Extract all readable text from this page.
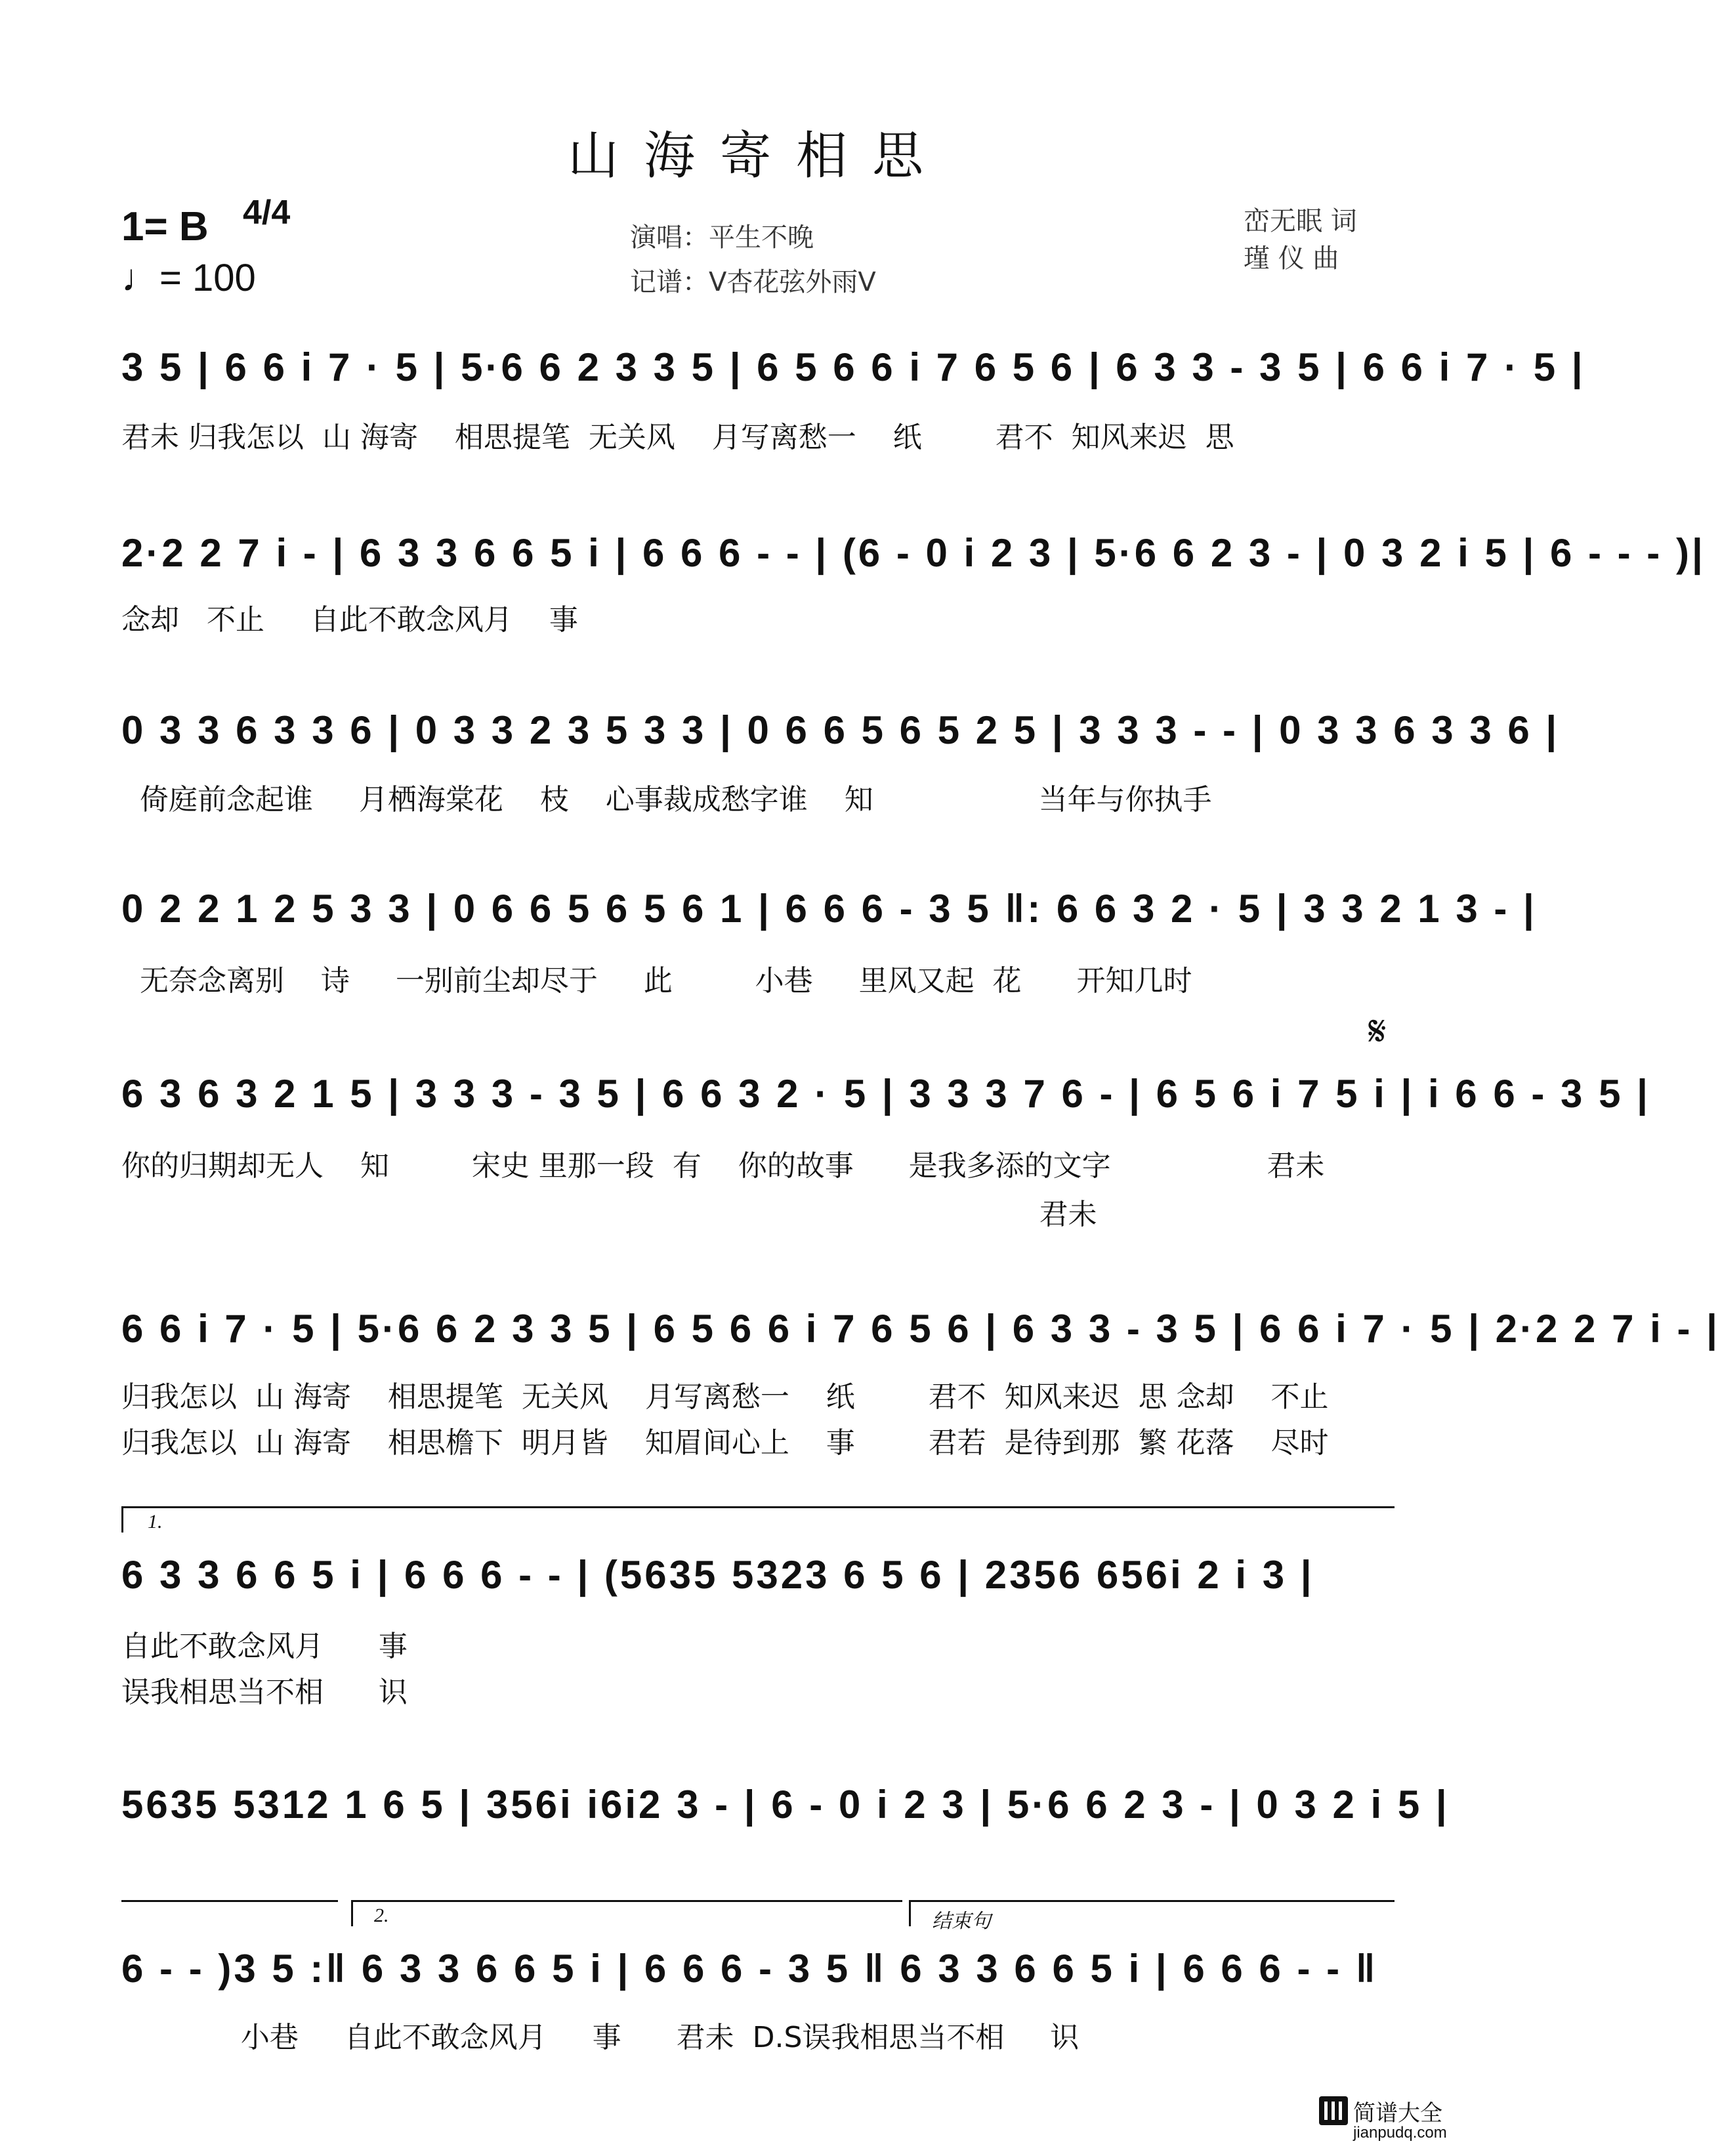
山海寄相思
1= B 4/4
♩= 100
演唱：平生不晚
记谱：V杏花弦外雨V
峦无眠 词
瑾 仪 曲
3 5 | 6 6 i 7 · 5 | 5·6 6 2 3 3 5 | 6 5 6 6 i 7 6 5 6 | 6 3 3 - 3 5 | 6 6 i 7 · 5 |
君未 归我怎以  山 海寄    相思提笔  无关风    月写离愁一    纸        君不  知风来迟  思
2·2 2 7 i - | 6 3 3 6 6 5 i | 6 6 6 - - | (6 - 0 i 2 3 | 5·6 6 2 3 - | 0 3 2 i 5 | 6 - - - )|
念却   不止     自此不敢念风月    事
0 3 3 6 3 3 6 | 0 3 3 2 3 5 3 3 | 0 6 6 5 6 5 2 5 | 3 3 3 - - | 0 3 3 6 3 3 6 |
倚庭前念起谁     月栖海棠花    枝    心事裁成愁字谁    知                  当年与你执手
0 2 2 1 2 5 3 3 | 0 6 6 5 6 5 6 1 | 6 6 6 - 3 5 ‖: 6 6 3 2 · 5 | 3 3 2 1 3 - |
无奈念离别    诗     一别前尘却尽于     此         小巷     里风又起  花      开知几时
𝄋
6 3 6 3 2 1 5 | 3 3 3 - 3 5 | 6 6 3 2 · 5 | 3 3 3 7 6 - | 6 5 6 i 7 5 i | i 6 6 - 3 5 |
你的归期却无人    知         宋史 里那一段  有    你的故事      是我多添的文字                 君未
君未
6 6 i 7 · 5 | 5·6 6 2 3 3 5 | 6 5 6 6 i 7 6 5 6 | 6 3 3 - 3 5 | 6 6 i 7 · 5 | 2·2 2 7 i - |
归我怎以  山 海寄    相思提笔  无关风    月写离愁一    纸        君不  知风来迟  思 念却    不止
归我怎以  山 海寄    相思檐下  明月皆    知眉间心上    事        君若  是待到那  繁 花落    尽时
1.
6 3 3 6 6 5 i | 6 6 6 - - | (5635 5323 6 5 6 | 2356 656i 2 i 3 |
自此不敢念风月      事
误我相思当不相      识
5635 5312 1 6 5 | 356i i6i2 3 - | 6 - 0 i 2 3 | 5·6 6 2 3 - | 0 3 2 i 5 |
2.	结束句
6 - - )3 5 :‖ 6 3 3 6 6 5 i | 6 6 6 - 3 5 ‖ 6 3 3 6 6 5 i | 6 6 6 - - ‖
小巷     自此不敢念风月     事      君未  D.S误我相思当不相     识
简谱大全
jianpudq.com
